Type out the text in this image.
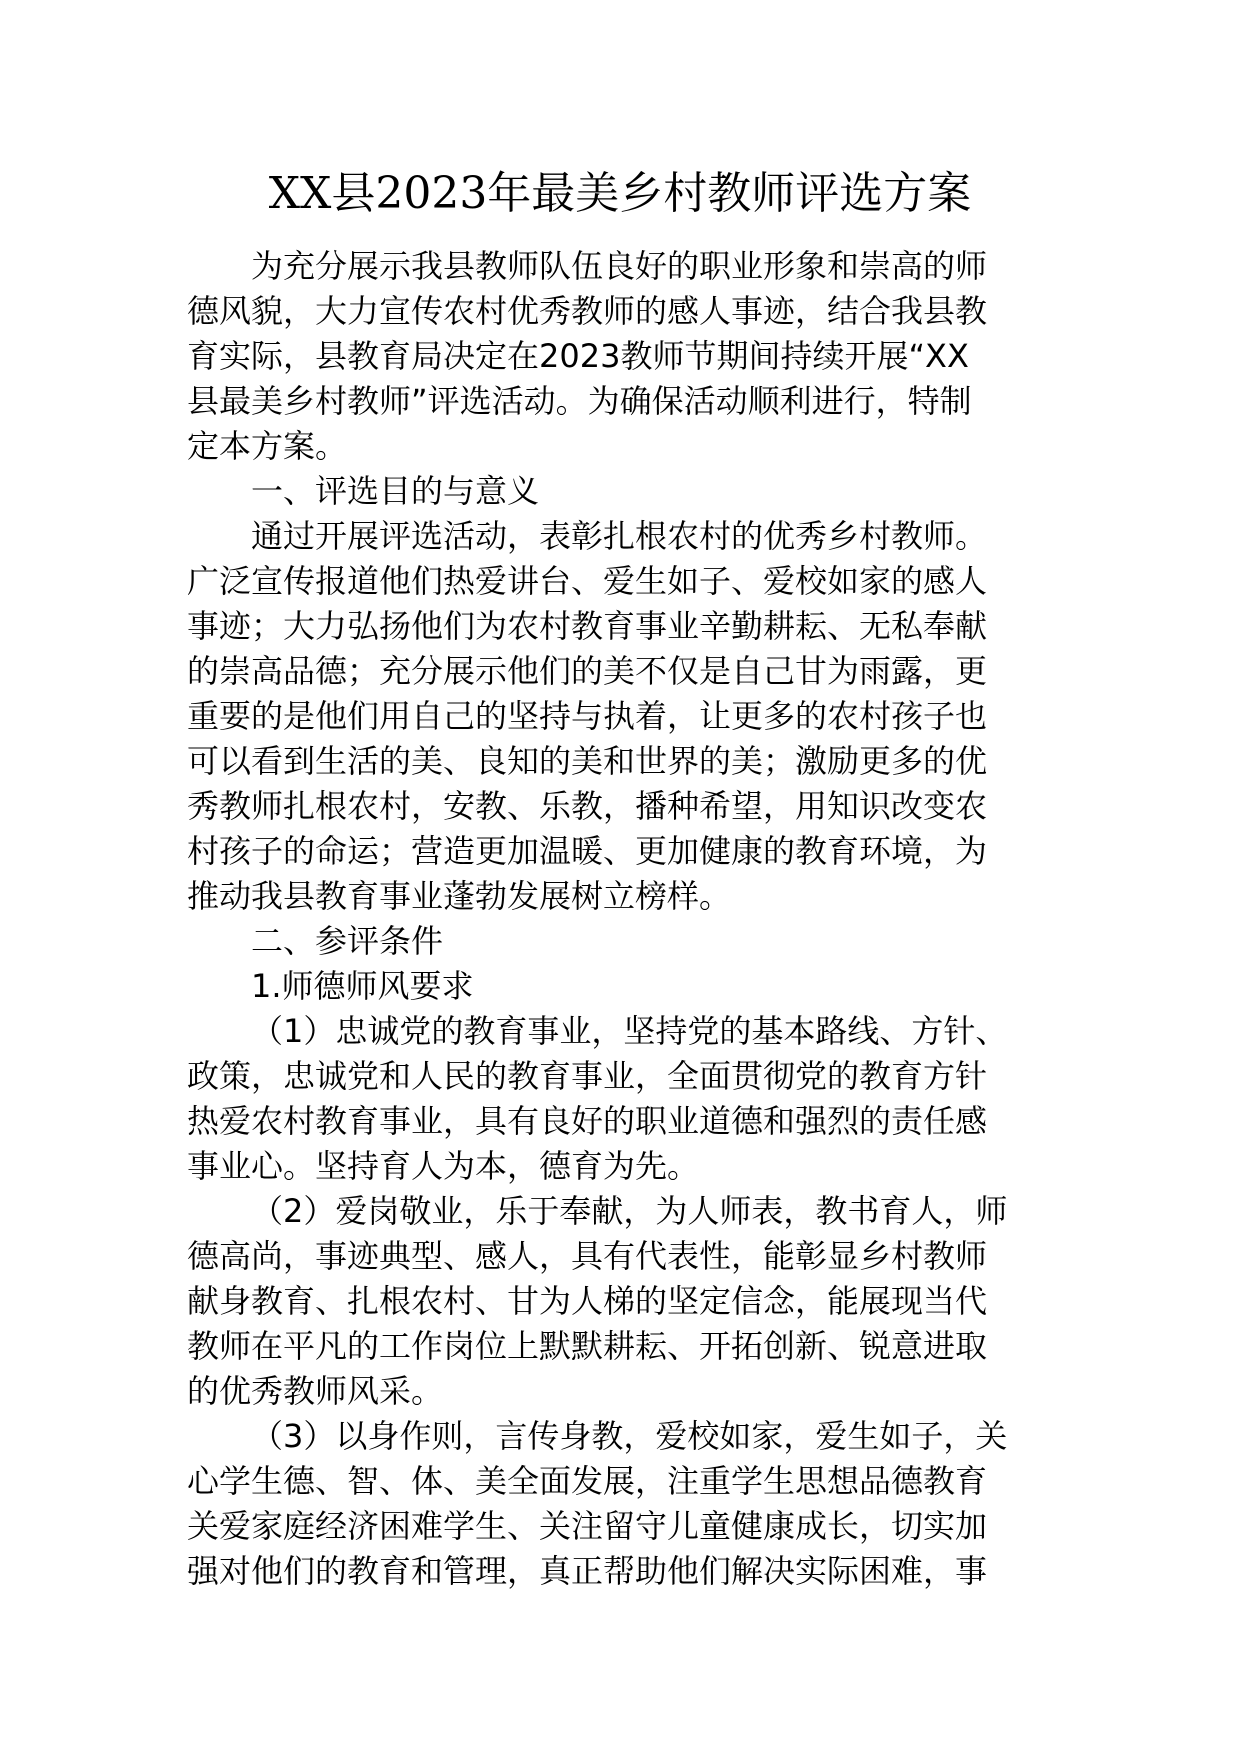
XX县2023年最美乡村教师评选方案
为充分展示我县教师队伍良好的职业形象和崇高的师
德风貌，大力宣传农村优秀教师的感人事迹，结合我县教
育实际，县教育局决定在2023教师节期间持续开展“XX
县最美乡村教师”评选活动。为确保活动顺利进行，特制
定本方案。
一、评选目的与意义
通过开展评选活动，表彰扎根农村的优秀乡村教师。
广泛宣传报道他们热爱讲台、爱生如子、爱校如家的感人
事迹；大力弘扬他们为农村教育事业辛勤耕耘、无私奉献
的崇高品德；充分展示他们的美不仅是自己甘为雨露，更
重要的是他们用自己的坚持与执着，让更多的农村孩子也
可以看到生活的美、良知的美和世界的美；激励更多的优
秀教师扎根农村，安教、乐教，播种希望，用知识改变农
村孩子的命运；营造更加温暖、更加健康的教育环境，为
推动我县教育事业蓬勃发展树立榜样。
二、参评条件
1.师德师风要求
（1）忠诚党的教育事业，坚持党的基本路线、方针、
政策，忠诚党和人民的教育事业，全面贯彻党的教育方针
热爱农村教育事业，具有良好的职业道德和强烈的责任感
事业心。坚持育人为本，德育为先。
（2）爱岗敬业，乐于奉献，为人师表，教书育人，师
德高尚，事迹典型、感人，具有代表性，能彰显乡村教师
献身教育、扎根农村、甘为人梯的坚定信念，能展现当代
教师在平凡的工作岗位上默默耕耘、开拓创新、锐意进取
的优秀教师风采。
（3）以身作则，言传身教，爱校如家，爱生如子，关
心学生德、智、体、美全面发展，注重学生思想品德教育
关爱家庭经济困难学生、关注留守儿童健康成长，切实加
强对他们的教育和管理，真正帮助他们解决实际困难，事
